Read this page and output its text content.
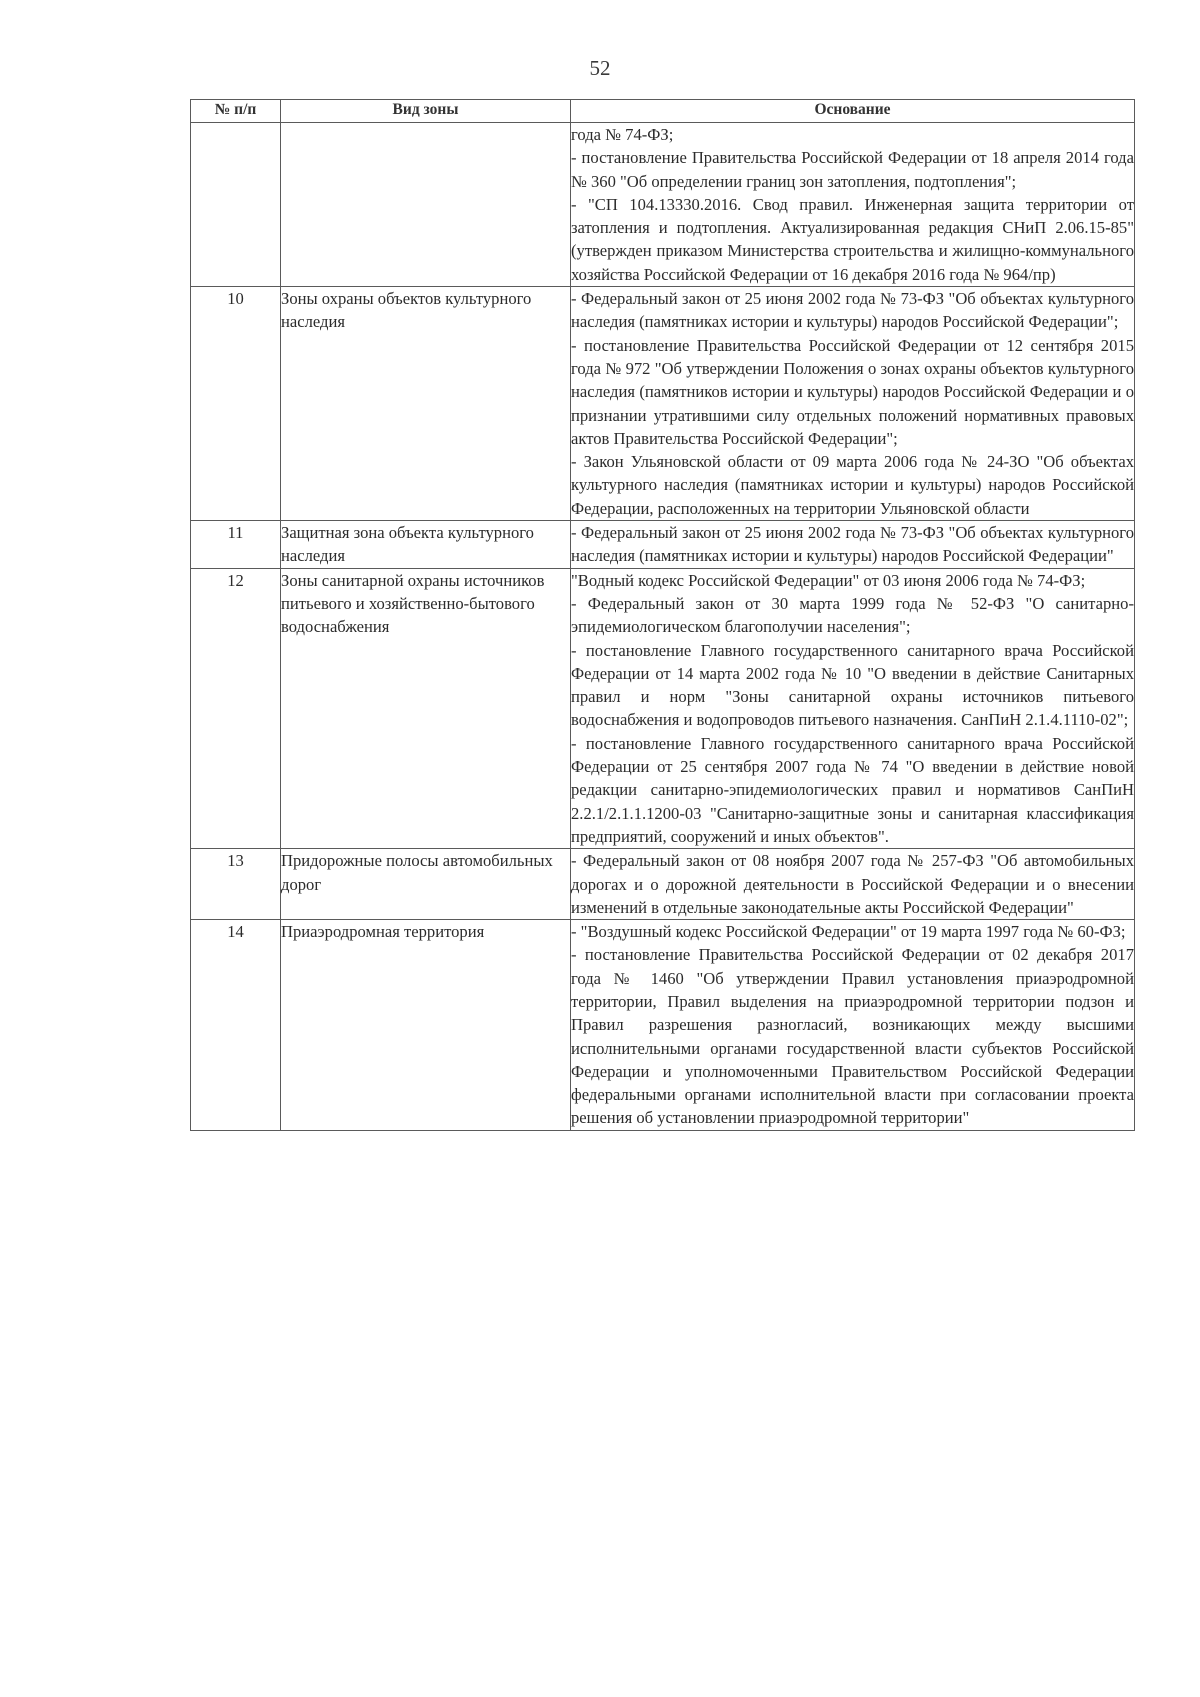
52
№ п/п	Вид зоны	Основание

		года № 74-ФЗ;
- постановление Правительства Российской Федерации от 18 апреля 2014 года № 360 "Об определении границ зон затопления, подтопления";
- "СП 104.13330.2016. Свод правил. Инженерная защита территории от затопления и подтопления. Актуализированная редакция СНиП 2.06.15-85" (утвержден приказом Министерства строительства и жилищно-коммунального хозяйства Российской Федерации от 16 декабря 2016 года № 964/пр)

10	Зоны охраны объектов культурного наследия	- Федеральный закон от 25 июня 2002 года № 73-ФЗ "Об объектах культурного наследия (памятниках истории и культуры) народов Российской Федерации";
- постановление Правительства Российской Федерации от 12 сентября 2015 года № 972 "Об утверждении Положения о зонах охраны объектов культурного наследия (памятников истории и культуры) народов Российской Федерации и о признании утратившими силу отдельных положений нормативных правовых актов Правительства Российской Федерации";
- Закон Ульяновской области от 09 марта 2006 года № 24-ЗО "Об объектах культурного наследия (памятниках истории и культуры) народов Российской Федерации, расположенных на территории Ульяновской области

11	Защитная зона объекта культурного наследия	- Федеральный закон от 25 июня 2002 года № 73-ФЗ "Об объектах культурного наследия (памятниках истории и культуры) народов Российской Федерации"

12	Зоны санитарной охраны источников питьевого и хозяйственно-бытового водоснабжения	"Водный кодекс Российской Федерации" от 03 июня 2006 года № 74-ФЗ;
- Федеральный закон от 30 марта 1999 года № 52-ФЗ "О санитарно-эпидемиологическом благополучии населения";
- постановление Главного государственного санитарного врача Российской Федерации от 14 марта 2002 года № 10 "О введении в действие Санитарных правил и норм "Зоны санитарной охраны источников питьевого водоснабжения и водопроводов питьевого назначения. СанПиН 2.1.4.1110-02";
- постановление Главного государственного санитарного врача Российской Федерации от 25 сентября 2007 года № 74 "О введении в действие новой редакции санитарно-эпидемиологических правил и нормативов СанПиН 2.2.1/2.1.1.1200-03 "Санитарно-защитные зоны и санитарная классификация предприятий, сооружений и иных объектов".

13	Придорожные полосы автомобильных дорог	- Федеральный закон от 08 ноября 2007 года № 257-ФЗ "Об автомобильных дорогах и о дорожной деятельности в Российской Федерации и о внесении изменений в отдельные законодательные акты Российской Федерации"

14	Приаэродромная территория	- "Воздушный кодекс Российской Федерации" от 19 марта 1997 года № 60-ФЗ;
- постановление Правительства Российской Федерации от 02 декабря 2017 года № 1460 "Об утверждении Правил установления приаэродромной территории, Правил выделения на приаэродромной территории подзон и Правил разрешения разногласий, возникающих между высшими исполнительными органами государственной власти субъектов Российской Федерации и уполномоченными Правительством Российской Федерации федеральными органами исполнительной власти при согласовании проекта решения об установлении приаэродромной территории"
